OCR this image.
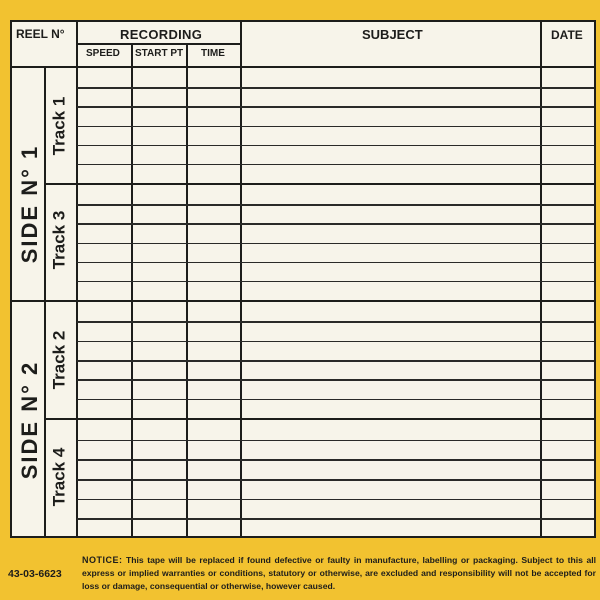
REEL N°	RECORDING
SPEED START PT TIME
SUBJECT	DATE
SIDE N° 1
SIDE N° 2
Track 1
Track 3
Track 2
Track 4
43-03-6623
NOTICE: This tape will be replaced if found defective or faulty in manufacture, labelling or packaging. Subject to this all express or implied warranties or conditions, statutory or otherwise, are excluded and responsibility will not be accepted for loss or damage, consequential or otherwise, however caused.
